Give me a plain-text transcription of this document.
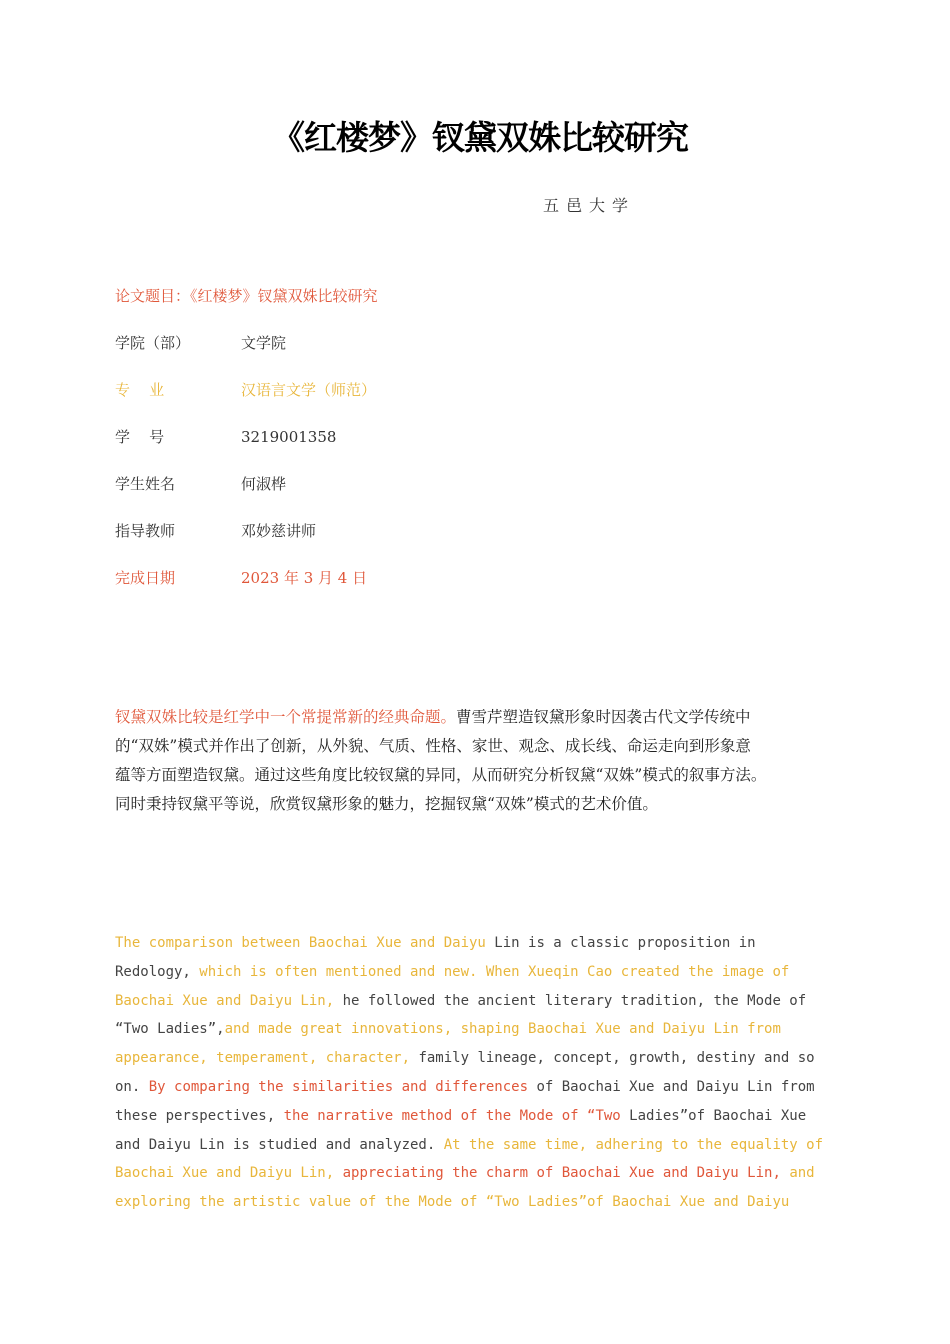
《红楼梦》钗黛双姝比较研究
五邑大学
论文题目：《红楼梦》钗黛双姝比较研究
学院（部）	文学院
专    业	汉语言文学（师范）
学    号	3219001358
学生姓名	何淑桦
指导教师	邓妙慈讲师
完成日期	2023 年 3 月 4 日

钗黛双姝比较是红学中一个常提常新的经典命题。曹雪芹塑造钗黛形象时因袭古代文学传统中

的“双姝”模式并作出了创新，从外貌、气质、性格、家世、观念、成长线、命运走向到形象意

蕴等方面塑造钗黛。通过这些角度比较钗黛的异同，从而研究分析钗黛“双姝”模式的叙事方法。

同时秉持钗黛平等说，欣赏钗黛形象的魅力，挖掘钗黛“双姝”模式的艺术价值。

The comparison between Baochai Xue and Daiyu Lin is a classic proposition in

Redology, which is often mentioned and new. When Xueqin Cao created the image of

Baochai Xue and Daiyu Lin, he followed the ancient literary tradition, the Mode of

“Two Ladies”,and made great innovations, shaping Baochai Xue and Daiyu Lin from

appearance, temperament, character, family lineage, concept, growth, destiny and so

on. By comparing the similarities and differences of Baochai Xue and Daiyu Lin from

these perspectives, the narrative method of the Mode of “Two Ladies”of Baochai Xue

and Daiyu Lin is studied and analyzed. At the same time, adhering to the equality of

Baochai Xue and Daiyu Lin, appreciating the charm of Baochai Xue and Daiyu Lin, and

exploring the artistic value of the Mode of “Two Ladies”of Baochai Xue and Daiyu
